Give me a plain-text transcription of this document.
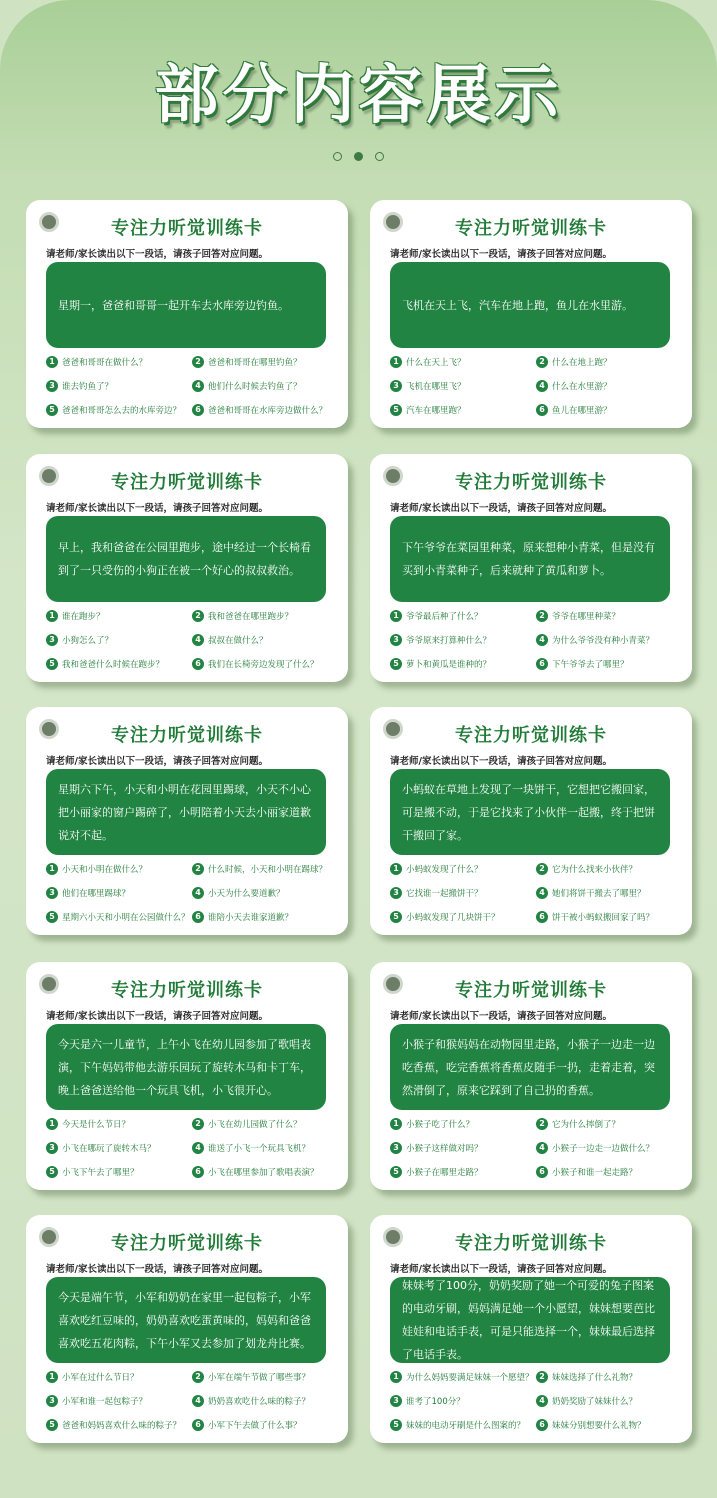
部分内容展示
专注力听觉训练卡
请老师/家长读出以下一段话，请孩子回答对应问题。
星期一，爸爸和哥哥一起开车去水库旁边钓鱼。
1 爸爸和哥哥在做什么？	2 爸爸和哥哥在哪里钓鱼？
3 谁去钓鱼了？	4 他们什么时候去钓鱼了？
5 爸爸和哥哥怎么去的水库旁边？	6 爸爸和哥哥在水库旁边做什么？
专注力听觉训练卡
请老师/家长读出以下一段话，请孩子回答对应问题。
飞机在天上飞，汽车在地上跑，鱼儿在水里游。
1 什么在天上飞？	2 什么在地上跑？
3 飞机在哪里飞？	4 什么在水里游？
5 汽车在哪里跑？	6 鱼儿在哪里游？
专注力听觉训练卡
请老师/家长读出以下一段话，请孩子回答对应问题。
早上，我和爸爸在公园里跑步，途中经过一个长椅看到了一只受伤的小狗正在被一个好心的叔叔救治。
1 谁在跑步？	2 我和爸爸在哪里跑步？
3 小狗怎么了？	4 叔叔在做什么？
5 我和爸爸什么时候在跑步？	6 我们在长椅旁边发现了什么？
专注力听觉训练卡
请老师/家长读出以下一段话，请孩子回答对应问题。
下午爷爷在菜园里种菜，原来想种小青菜，但是没有买到小青菜种子，后来就种了黄瓜和萝卜。
1 爷爷最后种了什么？	2 爷爷在哪里种菜？
3 爷爷原来打算种什么？	4 为什么爷爷没有种小青菜？
5 萝卜和黄瓜是谁种的？	6 下午爷爷去了哪里？
专注力听觉训练卡
请老师/家长读出以下一段话，请孩子回答对应问题。
星期六下午，小天和小明在花园里踢球，小天不小心把小丽家的窗户踢碎了，小明陪着小天去小丽家道歉说对不起。
1 小天和小明在做什么？	2 什么时候，小天和小明在踢球？
3 他们在哪里踢球？	4 小天为什么要道歉？
5 星期六小天和小明在公园做什么？ 6 谁陪小天去谁家道歉？
专注力听觉训练卡
请老师/家长读出以下一段话，请孩子回答对应问题。
小蚂蚁在草地上发现了一块饼干，它想把它搬回家，可是搬不动，于是它找来了小伙伴一起搬，终于把饼干搬回了家。
1 小蚂蚁发现了什么？	2 它为什么找来小伙伴？
3 它找谁一起搬饼干？	4 她们将饼干搬去了哪里？
5 小蚂蚁发现了几块饼干？	6 饼干被小蚂蚁搬回家了吗？
专注力听觉训练卡
请老师/家长读出以下一段话，请孩子回答对应问题。
今天是六一儿童节，上午小飞在幼儿园参加了歌唱表演，下午妈妈带他去游乐园玩了旋转木马和卡丁车，晚上爸爸送给他一个玩具飞机，小飞很开心。
1 今天是什么节日？	2 小飞在幼儿园做了什么？
3 小飞在哪玩了旋转木马？	4 谁送了小飞一个玩具飞机？
5 小飞下午去了哪里？	6 小飞在哪里参加了歌唱表演？
专注力听觉训练卡
请老师/家长读出以下一段话，请孩子回答对应问题。
小猴子和猴妈妈在动物园里走路，小猴子一边走一边吃香蕉，吃完香蕉将香蕉皮随手一扔，走着走着，突然滑倒了，原来它踩到了自己扔的香蕉。
1 小猴子吃了什么？	2 它为什么摔倒了？
3 小猴子这样做对吗？	4 小猴子一边走一边做什么？
5 小猴子在哪里走路？	6 小猴子和谁一起走路？
专注力听觉训练卡
请老师/家长读出以下一段话，请孩子回答对应问题。
今天是端午节，小军和奶奶在家里一起包粽子，小军喜欢吃红豆味的，奶奶喜欢吃蛋黄味的，妈妈和爸爸喜欢吃五花肉粽，下午小军又去参加了划龙舟比赛。
1 小军在过什么节日？	2 小军在端午节做了哪些事？
3 小军和谁一起包粽子？	4 奶奶喜欢吃什么味的粽子？
5 爸爸和妈妈喜欢什么味的粽子？	6 小军下午去做了什么事？
专注力听觉训练卡
请老师/家长读出以下一段话，请孩子回答对应问题。
妹妹考了100分，奶奶奖励了她一个可爱的兔子图案的电动牙刷，妈妈满足她一个小愿望，妹妹想要芭比娃娃和电话手表，可是只能选择一个，妹妹最后选择了电话手表。
1 为什么妈妈要满足妹妹一个愿望？ 2 妹妹选择了什么礼物？
3 谁考了100分？	4 奶奶奖励了妹妹什么？
5 妹妹的电动牙刷是什么图案的？	6 妹妹分别想要什么礼物？
